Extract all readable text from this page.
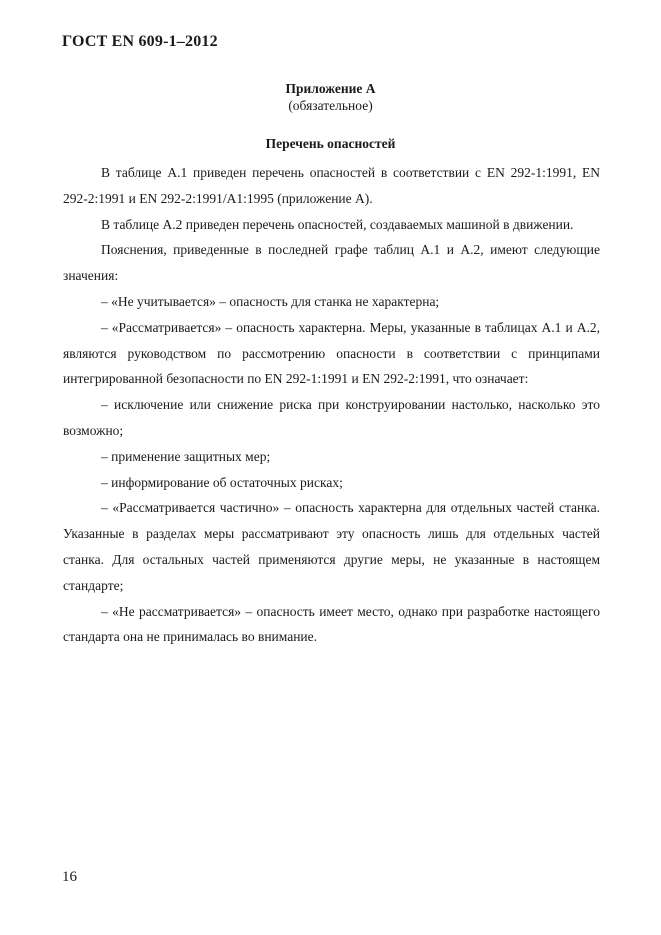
ГОСТ EN 609-1–2012
Приложение А
(обязательное)
Перечень опасностей

В таблице А.1 приведен перечень опасностей в соответствии с EN 292-1:1991, EN 292-2:1991 и EN 292-2:1991/A1:1995 (приложение А).

В таблице А.2 приведен перечень опасностей, создаваемых машиной в движении.

Пояснения, приведенные в последней графе таблиц А.1 и А.2, имеют следующие значения:

– «Не учитывается» – опасность для станка не характерна;

– «Рассматривается» – опасность характерна. Меры, указанные в таблицах А.1 и А.2, являются руководством по рассмотрению опасности в соответствии с принципами интегрированной безопасности по EN 292-1:1991 и EN 292-2:1991, что означает:

– исключение или снижение риска при конструировании настолько, насколько это возможно;

– применение защитных мер;

– информирование об остаточных рисках;

– «Рассматривается частично» – опасность характерна для отдельных частей станка. Указанные в разделах меры рассматривают эту опасность лишь для отдельных частей станка. Для остальных частей применяются другие меры, не указанные в настоящем стандарте;

– «Не рассматривается» – опасность имеет место, однако при разработке настоящего стандарта она не принималась во внимание.

16
